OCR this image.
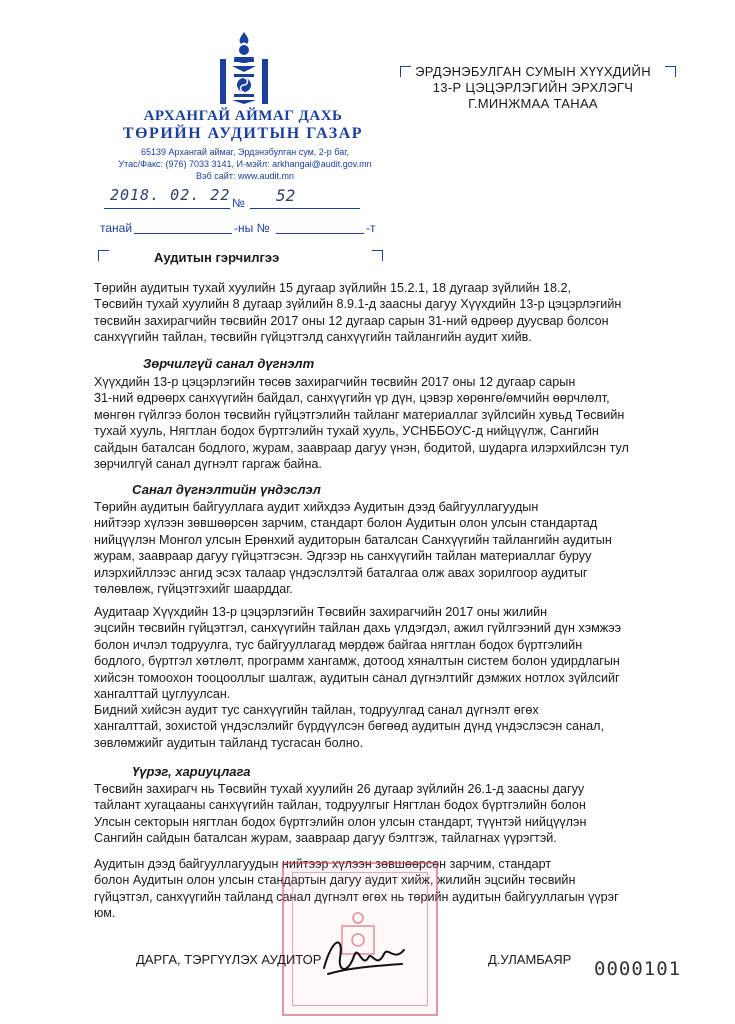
АРХАНГАЙ АЙМАГ ДАХЬ
ТӨРИЙН АУДИТЫН ГАЗАР
65139 Архангай аймаг, Эрдэнэбулган сум, 2-р баг,
Утас/Факс: (976) 7033 3141, И-мэйл: arkhangai@audit.gov.mn
Вэб сайт: www.audit.mn
2018. 02. 22 № 52
танай	-ны №	-т
ЭРДЭНЭБУЛГАН СУМЫН ХҮҮХДИЙН
13-Р ЦЭЦЭРЛЭГИЙН ЭРХЛЭГЧ
Г.МИНЖМАА ТАНАА
Аудитын гэрчилгээ

Төрийн аудитын тухай хуулийн 15 дугаар зүйлийн 15.2.1, 18 дугаар зүйлийн 18.2,
Төсвийн тухай хуулийн 8 дугаар зүйлийн 8.9.1-д заасны дагуу Хүүхдийн 13-р цэцэрлэгийн
төсвийн захирагчийн төсвийн 2017 оны 12 дугаар сарын 31-ний өдрөөр дуусвар болсон
санхүүгийн тайлан, төсвийн гүйцэтгэлд санхүүгийн тайлангийн аудит хийв.

Зөрчилгүй санал дүгнэлт

Хүүхдийн 13-р цэцэрлэгийн төсөв захирагчийн төсвийн 2017 оны 12 дугаар сарын
31-ний өдрөөрх санхүүгийн байдал, санхүүгийн үр дүн, цэвэр хөрөнгө/өмчийн өөрчлөлт,
мөнгөн гүйлгээ болон төсвийн гүйцэтгэлийн тайланг материаллаг зүйлсийн хувьд Төсвийн
тухай хууль, Нягтлан бодох бүртгэлийн тухай хууль, УСНББОУС-д нийцүүлж, Сангийн
сайдын баталсан бодлого, журам, заавраар дагуу үнэн, бодитой, шударга илэрхийлсэн тул
зөрчилгүй санал дүгнэлт гаргаж байна.

Санал дүгнэлтийн үндэслэл

Төрийн аудитын байгууллага аудит хийхдээ Аудитын дээд байгууллагуудын
нийтээр хүлээн зөвшөөрсөн зарчим, стандарт болон Аудитын олон улсын стандартад
нийцүүлэн Монгол улсын Ерөнхий аудиторын баталсан Санхүүгийн тайлангийн аудитын
журам, заавраар дагуу гүйцэтгэсэн. Эдгээр нь санхүүгийн тайлан материаллаг буруу
илэрхийллээс ангид эсэх талаар үндэслэлтэй баталгаа олж авах зорилгоор аудитыг
төлөвлөж, гүйцэтгэхийг шаарддаг.

Аудитаар Хүүхдийн 13-р цэцэрлэгийн Төсвийн захирагчийн 2017 оны жилийн
эцсийн төсвийн гүйцэтгэл, санхүүгийн тайлан дахь үлдэгдэл, ажил гүйлгээний дүн хэмжээ
болон ичлэл тодруулга, тус байгууллагад мөрдөж байгаа нягтлан бодох бүртгэлийн
бодлого, бүртгэл хөтлөлт, программ хангамж, дотоод хяналтын систем болон удирдлагын
хийсэн томоохон тооцооллыг шалгаж, аудитын санал дүгнэлтийг дэмжих нотлох зүйлсийг
хангалттай цуглуулсан.

Бидний хийсэн аудит тус санхүүгийн тайлан, тодруулгад санал дүгнэлт өгөх
хангалттай, зохистой үндэслэлийг бүрдүүлсэн бөгөөд аудитын дүнд үндэслэсэн санал,
зөвлөмжийг аудитын тайланд тусгасан болно.

Үүрэг, хариуцлага

Төсвийн захирагч нь Төсвийн тухай хуулийн 26 дугаар зүйлийн 26.1-д заасны дагуу
тайлант хугацааны санхүүгийн тайлан, тодруулгыг Нягтлан бодох бүртгэлийн болон
Улсын секторын нягтлан бодох бүртгэлийн олон улсын стандарт, түүнтэй нийцүүлэн
Сангийн сайдын баталсан журам, заавраар дагуу бэлтгэж, тайлагнах үүрэгтэй.

Аудитын дээд байгууллагуудын нийтээр хүлээн зөвшөөрсөн зарчим, стандарт
болон Аудитын олон улсын стандартын дагуу аудит хийж, жилийн эцсийн төсвийн
гүйцэтгэл, санхүүгийн тайланд санал дүгнэлт өгөх нь төрийн аудитын байгууллагын үүрэг
юм.

ДАРГА, ТЭРГҮҮЛЭХ АУДИТОР	Д.УЛАМБАЯР 0000101
